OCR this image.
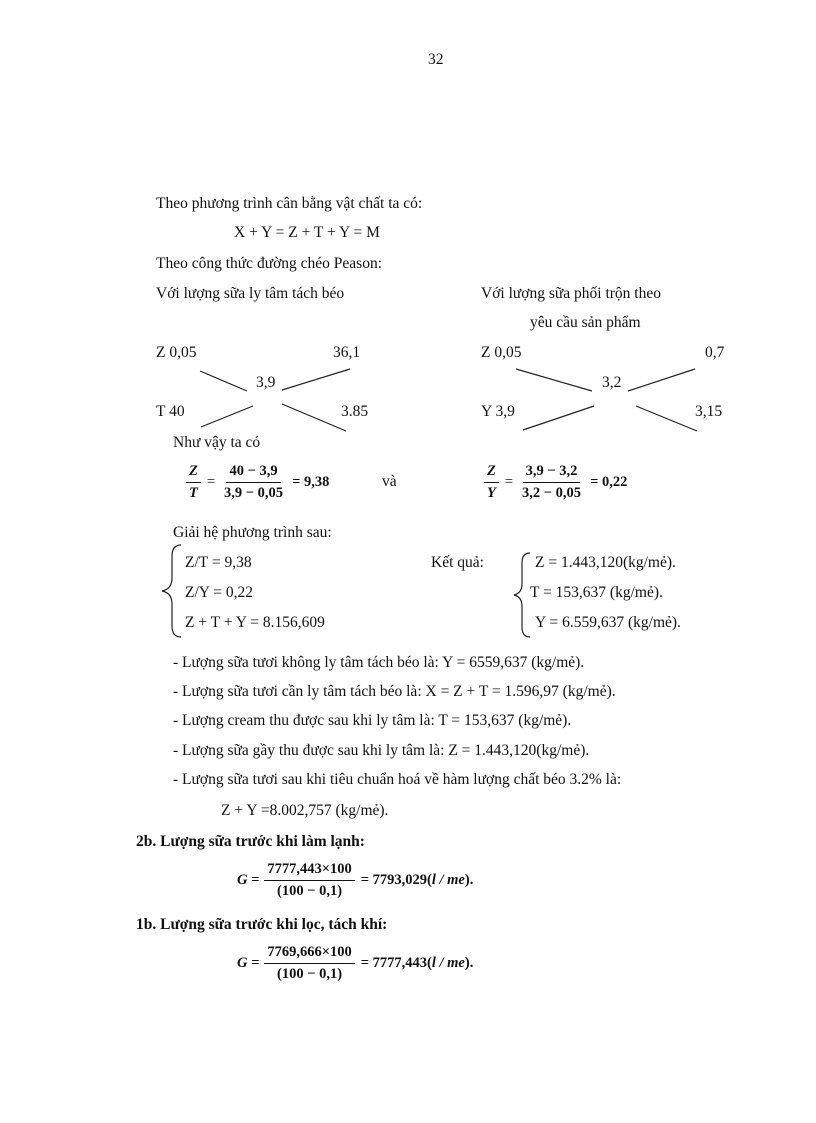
32
Theo phương trình cân bằng vật chất ta có:
X + Y = Z + T + Y = M
Theo công thức đường chéo Peason:
Với lượng sữa ly tâm tách béo
Z 0,05	36,1
3,9
T 40	3.85
Với lượng sữa phối trộn theo
yêu cầu sản phẩm
Z 0,05	0,7
3,2
Y 3,9	3,15
Như vậy ta có
$\frac{Z}{T} = \frac{40 - 3,9}{3,9 - 0,05} = 9,38$	và	$\frac{Z}{Y} = \frac{3,9 - 3,2}{3,2 - 0,05} = 0,22$
Giải hệ phương trình sau:
Z/T = 9,38
Z/Y = 0,22
Z + T + Y = 8.156,609
Kết quả:	Z = 1.443,120(kg/mẻ).
T = 153,637 (kg/mẻ).
Y = 6.559,637 (kg/mẻ).
- Lượng sữa tươi không ly tâm tách béo là: Y = 6559,637 (kg/mẻ).
- Lượng sữa tươi cần ly tâm tách béo là: X = Z + T = 1.596,97 (kg/mẻ).
- Lượng cream thu được sau khi ly tâm là: T = 153,637 (kg/mẻ).
- Lượng sữa gầy thu được sau khi ly tâm là: Z = 1.443,120(kg/mẻ).
- Lượng sữa tươi sau khi tiêu chuẩn hoá về hàm lượng chất béo 3.2% là:
Z + Y =8.002,757 (kg/mẻ).
2b. Lượng sữa trước khi làm lạnh:
$G = \frac{7777,443\times 100}{(100 - 0,1)} = 7793,029$( l / me ).
1b. Lượng sữa trước khi lọc, tách khí:
$G = \frac{7769,666\times 100}{(100 - 0,1)} = 7777,443$( l / me ).
